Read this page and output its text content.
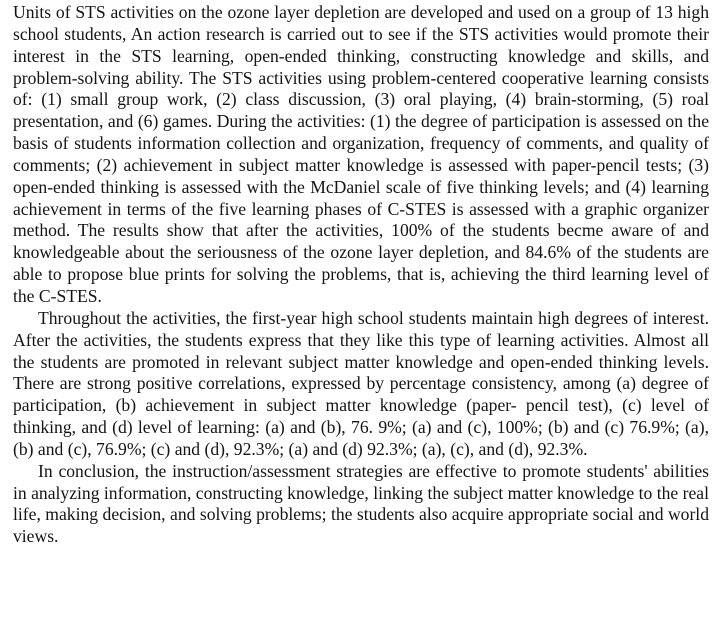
Units of STS activities on the ozone layer depletion are developed and used on a group of 13 high school students, An action research is carried out to see if the STS activities would promote their interest in the STS learning, open-ended thinking, constructing knowledge and skills, and problem-solving ability. The STS activities using problem-centered cooperative learning consists of: (1) small group work, (2) class discussion, (3) oral playing, (4) brain-storming, (5) roal presentation, and (6) games. During the activities: (1) the degree of participation is assessed on the basis of students information collection and organization, frequency of comments, and quality of comments; (2) achievement in subject matter knowledge is assessed with paper-pencil tests; (3) open-ended thinking is assessed with the McDaniel scale of five thinking levels; and (4) learning achievement in terms of the five learning phases of C-STES is assessed with a graphic organizer method. The results show that after the activities, 100% of the students becme aware of and knowledgeable about the seriousness of the ozone layer depletion, and 84.6% of the students are able to propose blue prints for solving the problems, that is, achieving the third learning level of the C-STES.

Throughout the activities, the first-year high school students maintain high degrees of interest. After the activities, the students express that they like this type of learning activities. Almost all the students are promoted in relevant subject matter knowledge and open-ended thinking levels. There are strong positive correlations, expressed by percentage consistency, among (a) degree of participation, (b) achievement in subject matter knowledge (paper- pencil test), (c) level of thinking, and (d) level of learning: (a) and (b), 76. 9%; (a) and (c), 100%; (b) and (c) 76.9%; (a), (b) and (c), 76.9%; (c) and (d), 92.3%; (a) and (d) 92.3%; (a), (c), and (d), 92.3%.

In conclusion, the instruction/assessment strategies are effective to promote students' abilities in analyzing information, constructing knowledge, linking the subject matter knowledge to the real life, making decision, and solving problems; the students also acquire appropriate social and world views.
